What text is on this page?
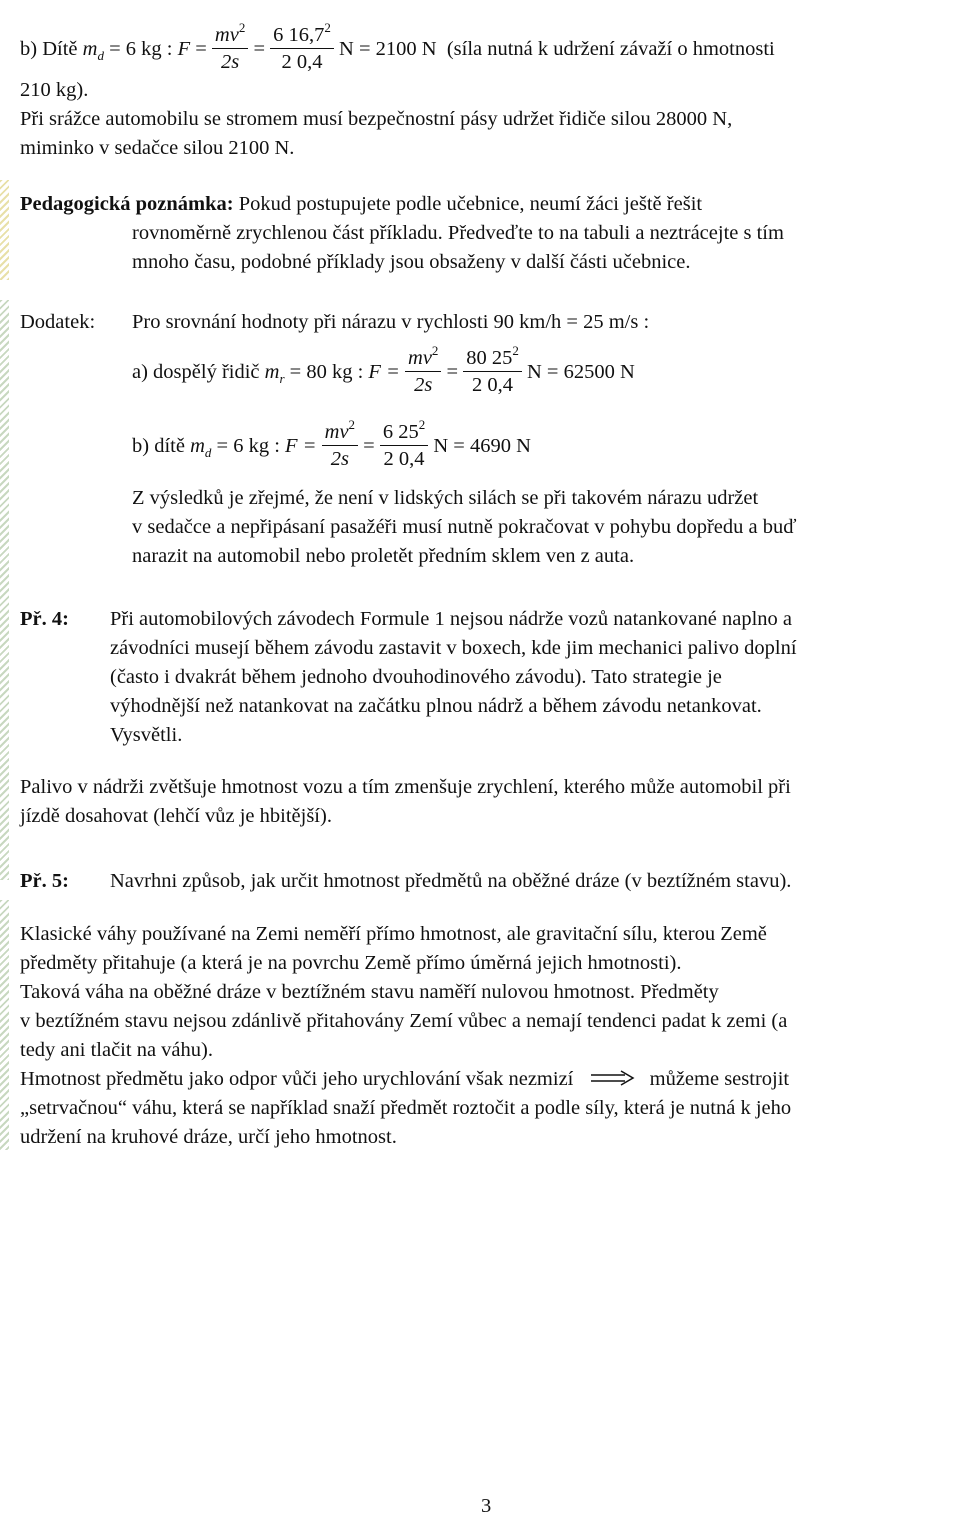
b) Dítě $m_d = 6$ kg : $F = \frac{mv^2}{2s} = \frac{6 16,7^2}{2 0,4}$ N = 2100 N (síla nutná k udržení závaží o hmotnosti
210 kg).
Při srážce automobilu se stromem musí bezpečnostní pásy udržet řidiče silou 28000 N,
miminko v sedačce silou 2100 N.
Pedagogická poznámka: Pokud postupujete podle učebnice, neumí žáci ještě řešit
rovnoměrně zrychlenou část příkladu. Předveďte to na tabuli a neztrácejte s tím
mnoho času, podobné příklady jsou obsaženy v další části učebnice.
Dodatek: Pro srovnání hodnoty při nárazu v rychlosti 90 km/h = 25 m/s :
a) dospělý řidič $m_r = 80$ kg : $F = \frac{mv^2}{2s} = \frac{80 25^2}{2 0,4}$ N = 62500 N
b) dítě $m_d = 6$ kg : $F = \frac{mv^2}{2s} = \frac{6 25^2}{2 0,4}$ N = 4690 N
Z výsledků je zřejmé, že není v lidských silách se při takovém nárazu udržet
v sedačce a nepřipásaní pasažéři musí nutně pokračovat v pohybu dopředu a buď
narazit na automobil nebo proletět předním sklem ven z auta.
Př. 4: Při automobilových závodech Formule 1 nejsou nádrže vozů natankované naplno a
závodníci musejí během závodu zastavit v boxech, kde jim mechanici palivo doplní
(často i dvakrát během jednoho dvouhodinového závodu). Tato strategie je
výhodnější než natankovat na začátku plnou nádrž a během závodu netankovat.
Vysvětli.
Palivo v nádrži zvětšuje hmotnost vozu a tím zmenšuje zrychlení, kterého může automobil při
jízdě dosahovat (lehčí vůz je hbitější).
Př. 5: Navrhni způsob, jak určit hmotnost předmětů na oběžné dráze (v beztížném stavu).
Klasické váhy používané na Zemi neměří přímo hmotnost, ale gravitační sílu, kterou Země
předměty přitahuje (a která je na povrchu Země přímo úměrná jejich hmotnosti).
Taková váha na oběžné dráze v beztížném stavu naměří nulovou hmotnost. Předměty
v beztížném stavu nejsou zdánlivě přitahovány Zemí vůbec a nemají tendenci padat k zemi (a
tedy ani tlačit na váhu).
Hmotnost předmětu jako odpor vůči jeho urychlování však nezmizí	můžeme sestrojit
„setrvačnou“ váhu, která se například snaží předmět roztočit a podle síly, která je nutná k jeho
udržení na kruhové dráze, určí jeho hmotnost.
3
